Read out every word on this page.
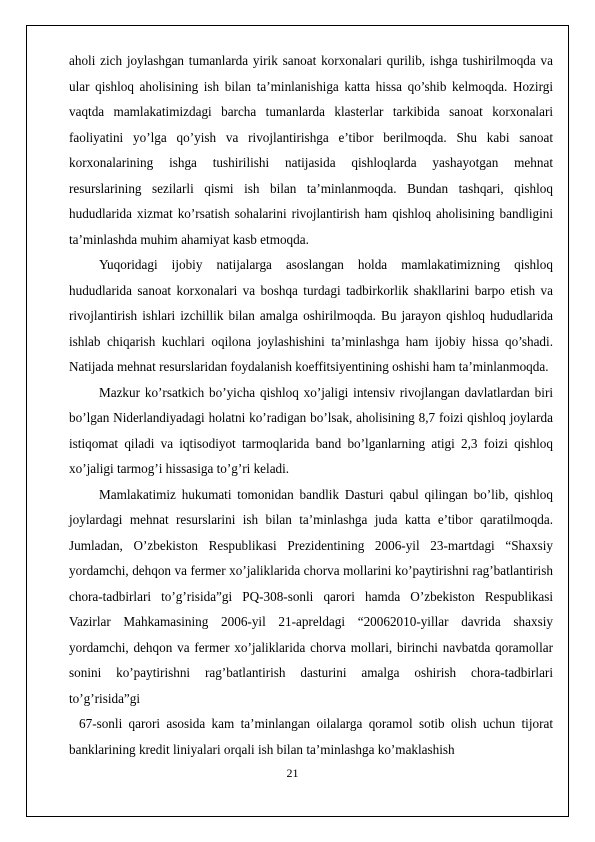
aholi zich joylashgan tumanlarda yirik sanoat korxonalari qurilib, ishga tushirilmoqda va ular qishloq aholisining ish bilan ta’minlanishiga katta hissa qo’shib kelmoqda. Hozirgi vaqtda mamlakatimizdagi barcha tumanlarda klasterlar tarkibida sanoat korxonalari faoliyatini yo’lga qo’yish va rivojlantirishga e’tibor berilmoqda. Shu kabi sanoat korxonalarining ishga tushirilishi natijasida qishloqlarda yashayotgan mehnat resurslarining sezilarli qismi ish bilan ta’minlanmoqda. Bundan tashqari, qishloq hududlarida xizmat ko’rsatish sohalarini rivojlantirish ham qishloq aholisining bandligini ta’minlashda muhim ahamiyat kasb etmoqda.

Yuqoridagi ijobiy natijalarga asoslangan holda mamlakatimizning qishloq hududlarida sanoat korxonalari va boshqa turdagi tadbirkorlik shakllarini barpo etish va rivojlantirish ishlari izchillik bilan amalga oshirilmoqda. Bu jarayon qishloq hududlarida ishlab chiqarish kuchlari oqilona joylashishini ta’minlashga ham ijobiy hissa qo’shadi. Natijada mehnat resurslaridan foydalanish koeffitsiyentining oshishi ham ta’minlanmoqda.

Mazkur ko’rsatkich bo’yicha qishloq xo’jaligi intensiv rivojlangan davlatlardan biri bo’lgan Niderlandiyadagi holatni ko’radigan bo’lsak, aholisining 8,7 foizi qishloq joylarda istiqomat qiladi va iqtisodiyot tarmoqlarida band bo’lganlarning atigi 2,3 foizi qishloq xo’jaligi tarmog’i hissasiga to’g’ri keladi.

Mamlakatimiz hukumati tomonidan bandlik Dasturi qabul qilingan bo’lib, qishloq joylardagi mehnat resurslarini ish bilan ta’minlashga juda katta e’tibor qaratilmoqda. Jumladan, O’zbekiston Respublikasi Prezidentining 2006-yil 23-martdagi “Shaxsiy yordamchi, dehqon va fermer xo’jaliklarida chorva mollarini ko’paytirishni rag’batlantirish chora-tadbirlari to’g’risida”gi PQ-308-sonli qarori hamda O’zbekiston Respublikasi Vazirlar Mahkamasining 2006-yil 21-apreldagi “20062010-yillar davrida shaxsiy yordamchi, dehqon va fermer xo’jaliklarida chorva mollari, birinchi navbatda qoramollar sonini ko’paytirishni rag’batlantirish dasturini amalga oshirish chora-tadbirlari to’g’risida”gi

67-sonli qarori asosida kam ta’minlangan oilalarga qoramol sotib olish uchun tijorat banklarining kredit liniyalari orqali ish bilan ta’minlashga ko’maklashish

21
